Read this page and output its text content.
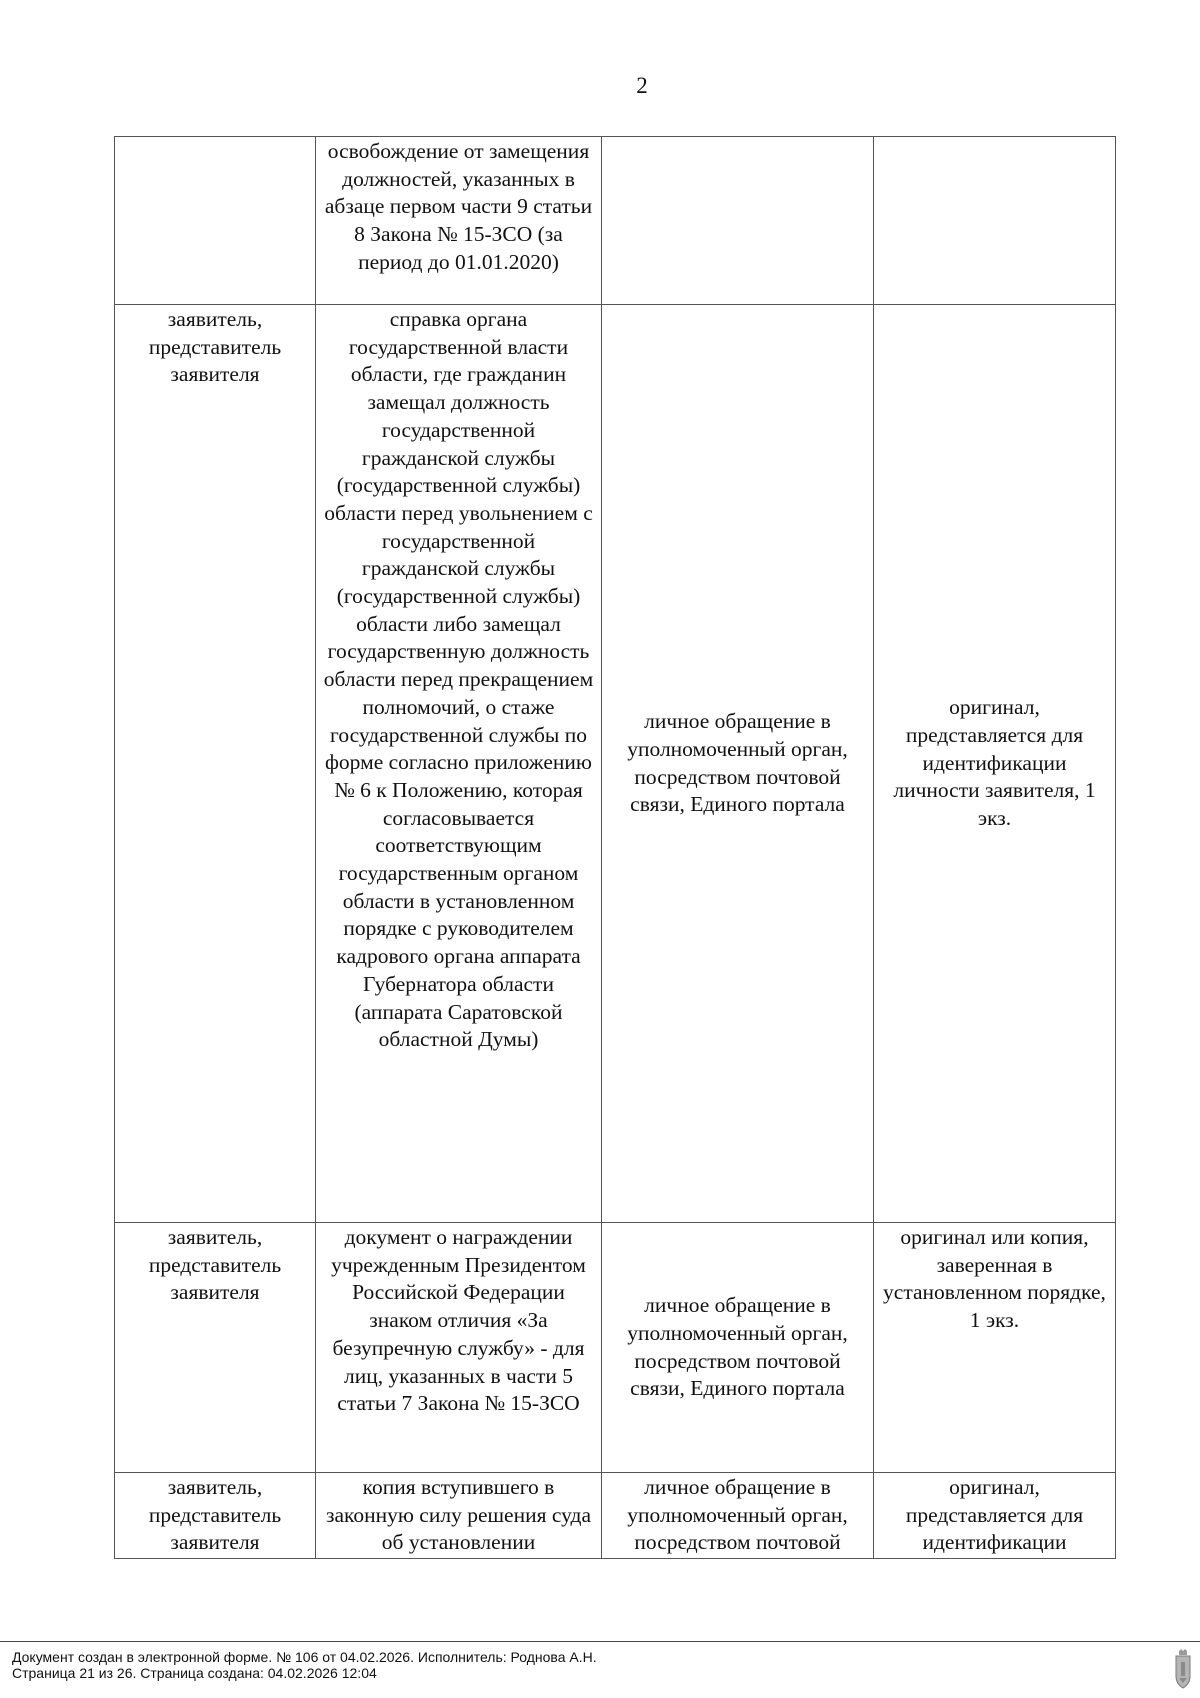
2

	освобождение от замещения должностей, указанных в абзаце первом части 9 статьи 8 Закона № 15-ЗСО (за период до 01.01.2020)		

заявитель, представитель заявителя	справка органа государственной власти области, где гражданин замещал должность государственной гражданской службы (государственной службы) области перед увольнением с государственной гражданской службы (государственной службы) области либо замещал государственную должность области перед прекращением полномочий, о стаже государственной службы по форме согласно приложению № 6 к Положению, которая согласовывается соответствующим государственным органом области в установленном порядке с руководителем кадрового органа аппарата Губернатора области (аппарата Саратовской областной Думы)	личное обращение в уполномоченный орган, посредством почтовой связи, Единого портала	оригинал, представляется для идентификации личности заявителя, 1 экз.

заявитель, представитель заявителя	документ о награждении учрежденным Президентом Российской Федерации знаком отличия «За безупречную службу» - для лиц, указанных в части 5 статьи 7 Закона № 15-ЗСО	личное обращение в уполномоченный орган, посредством почтовой связи, Единого портала	оригинал или копия, заверенная в установленном порядке, 1 экз.

заявитель, представитель заявителя	копия вступившего в законную силу решения суда об установлении	личное обращение в уполномоченный орган, посредством почтовой	оригинал, представляется для идентификации
Документ создан в электронной форме. № 106 от 04.02.2026. Исполнитель: Роднова А.Н.
Страница 21 из 26. Страница создана: 04.02.2026 12:04
